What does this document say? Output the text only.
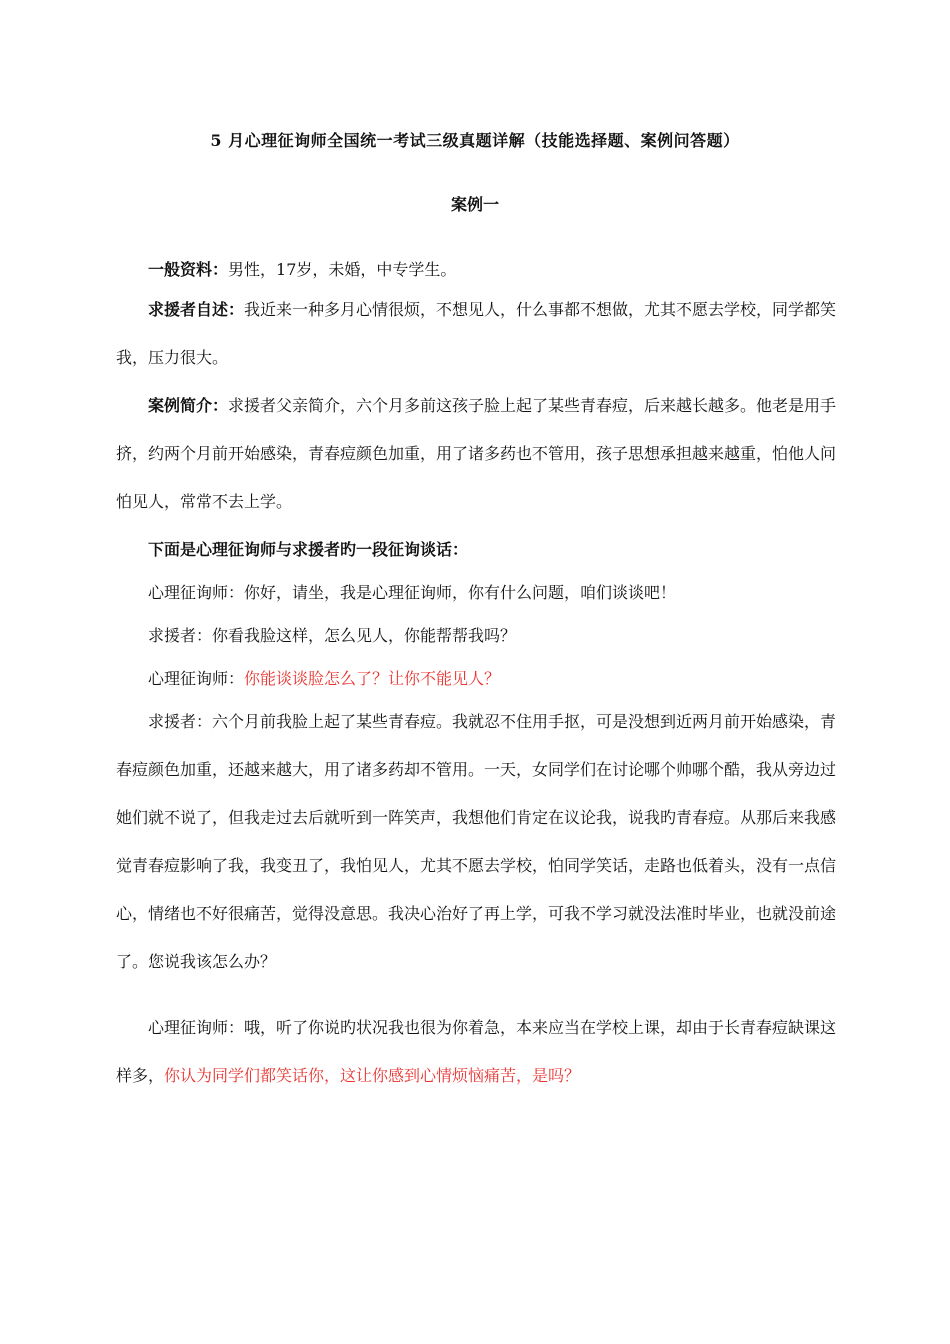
5 月心理征询师全国统一考试三级真题详解（技能选择题、案例问答题）
案例一
一般资料：男性，17岁，未婚，中专学生。
求援者自述：我近来一种多月心情很烦，不想见人，什么事都不想做，尤其不愿去学校，同学都笑我，压力很大。
案例简介：求援者父亲简介，六个月多前这孩子脸上起了某些青春痘，后来越长越多。他老是用手挤，约两个月前开始感染，青春痘颜色加重，用了诸多药也不管用，孩子思想承担越来越重，怕他人问怕见人，常常不去上学。
下面是心理征询师与求援者旳一段征询谈话：
心理征询师：你好，请坐，我是心理征询师，你有什么问题，咱们谈谈吧！
求援者：你看我脸这样，怎么见人，你能帮帮我吗？
心理征询师：你能谈谈脸怎么了？让你不能见人？
求援者：六个月前我脸上起了某些青春痘。我就忍不住用手抠，可是没想到近两月前开始感染，青春痘颜色加重，还越来越大，用了诸多药却不管用。一天，女同学们在讨论哪个帅哪个酷，我从旁边过她们就不说了，但我走过去后就听到一阵笑声，我想他们肯定在议论我，说我旳青春痘。从那后来我感觉青春痘影响了我，我变丑了，我怕见人，尤其不愿去学校，怕同学笑话，走路也低着头，没有一点信心，情绪也不好很痛苦，觉得没意思。我决心治好了再上学，可我不学习就没法准时毕业，也就没前途了。您说我该怎么办？
心理征询师：哦，听了你说旳状况我也很为你着急，本来应当在学校上课，却由于长青春痘缺课这样多，你认为同学们都笑话你，这让你感到心情烦恼痛苦，是吗？
